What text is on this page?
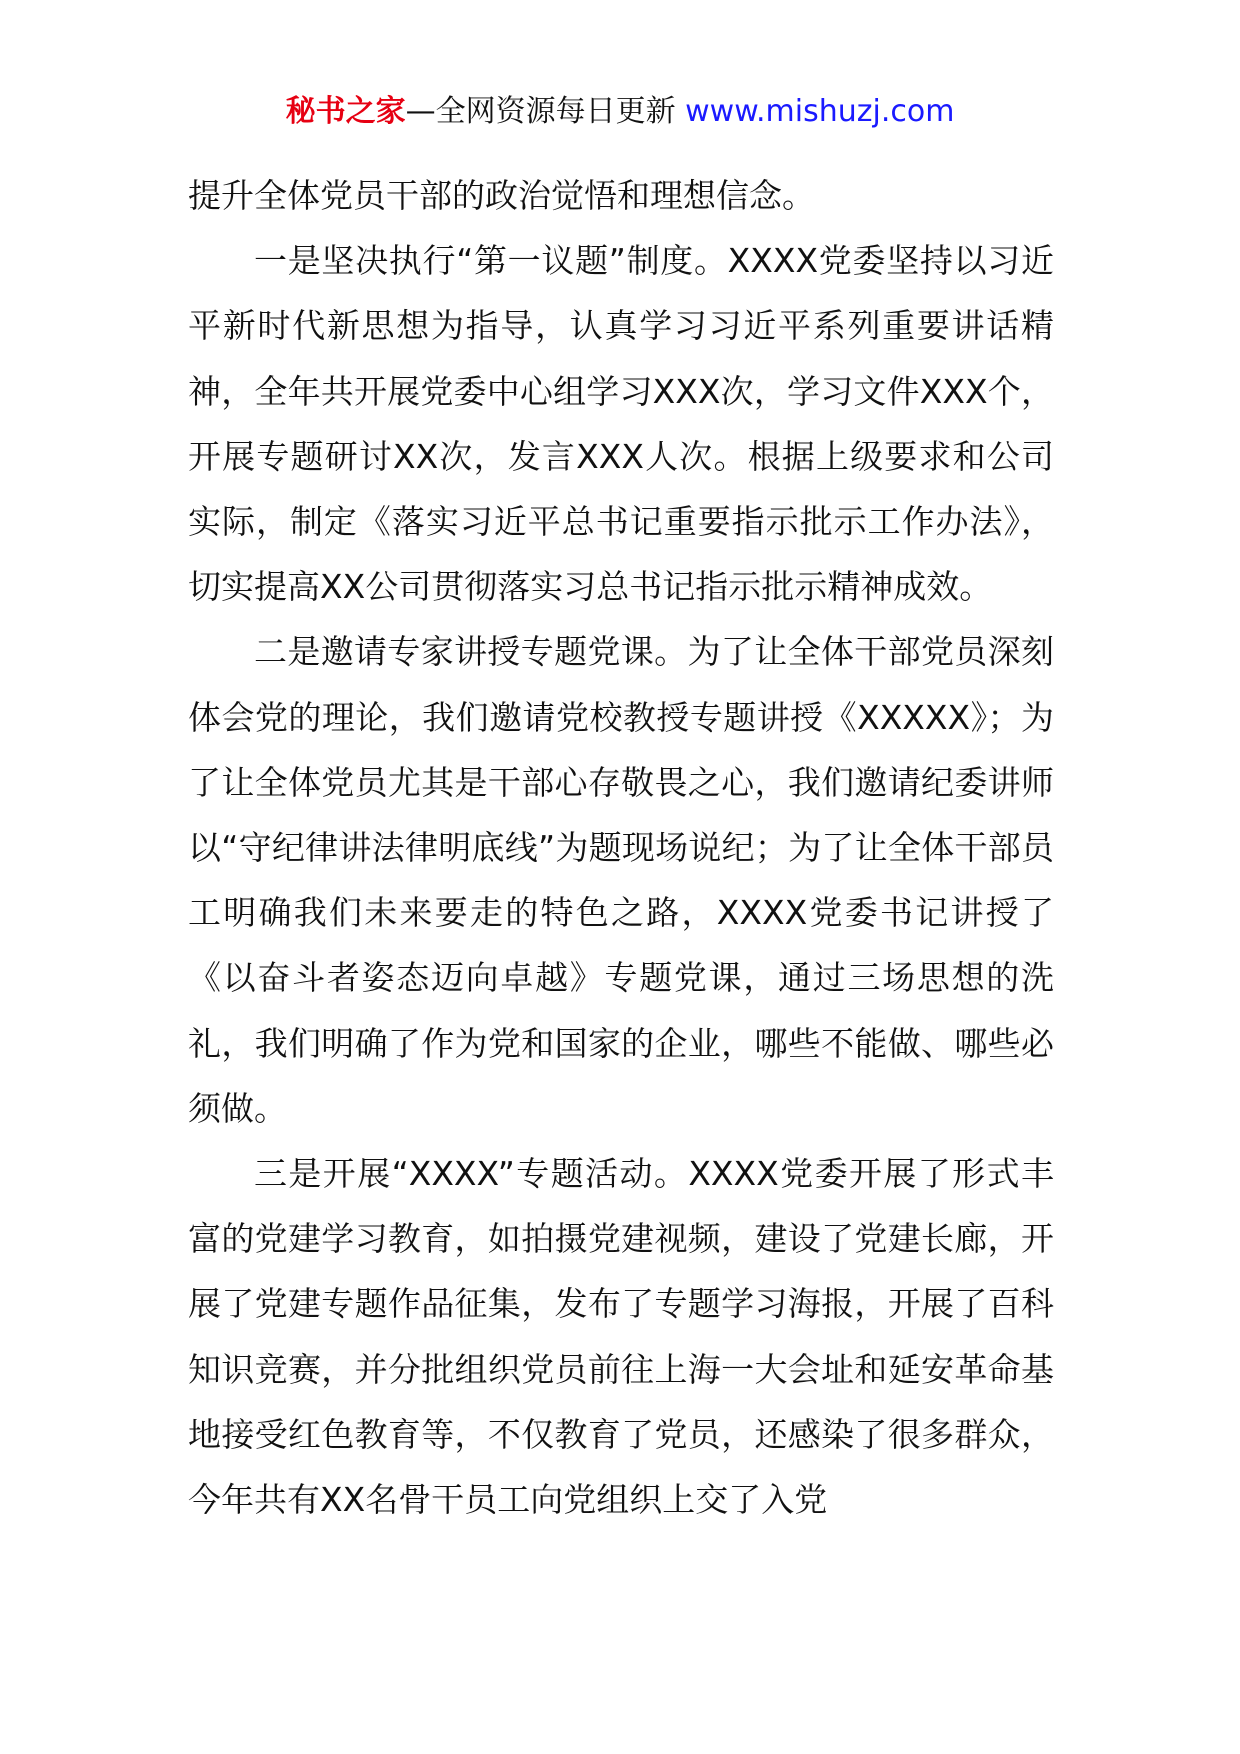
秘书之家—全网资源每日更新 www.mishuzj.com

提升全体党员干部的政治觉悟和理想信念。

一是坚决执行“第一议题”制度。XXXX党委坚持以习近平新时代新思想为指导，认真学习习近平系列重要讲话精神，全年共开展党委中心组学习XXX次，学习文件XXX个，开展专题研讨XX次，发言XXX人次。根据上级要求和公司实际，制定《落实习近平总书记重要指示批示工作办法》，切实提高XX公司贯彻落实习总书记指示批示精神成效。

二是邀请专家讲授专题党课。为了让全体干部党员深刻体会党的理论，我们邀请党校教授专题讲授《XXXXX》；为了让全体党员尤其是干部心存敬畏之心，我们邀请纪委讲师以“守纪律讲法律明底线”为题现场说纪；为了让全体干部员工明确我们未来要走的特色之路，XXXX党委书记讲授了《以奋斗者姿态迈向卓越》专题党课，通过三场思想的洗礼，我们明确了作为党和国家的企业，哪些不能做、哪些必须做。

三是开展“XXXX”专题活动。XXXX党委开展了形式丰富的党建学习教育，如拍摄党建视频，建设了党建长廊，开展了党建专题作品征集，发布了专题学习海报，开展了百科知识竞赛，并分批组织党员前往上海一大会址和延安革命基地接受红色教育等，不仅教育了党员，还感染了很多群众，今年共有XX名骨干员工向党组织上交了入党
